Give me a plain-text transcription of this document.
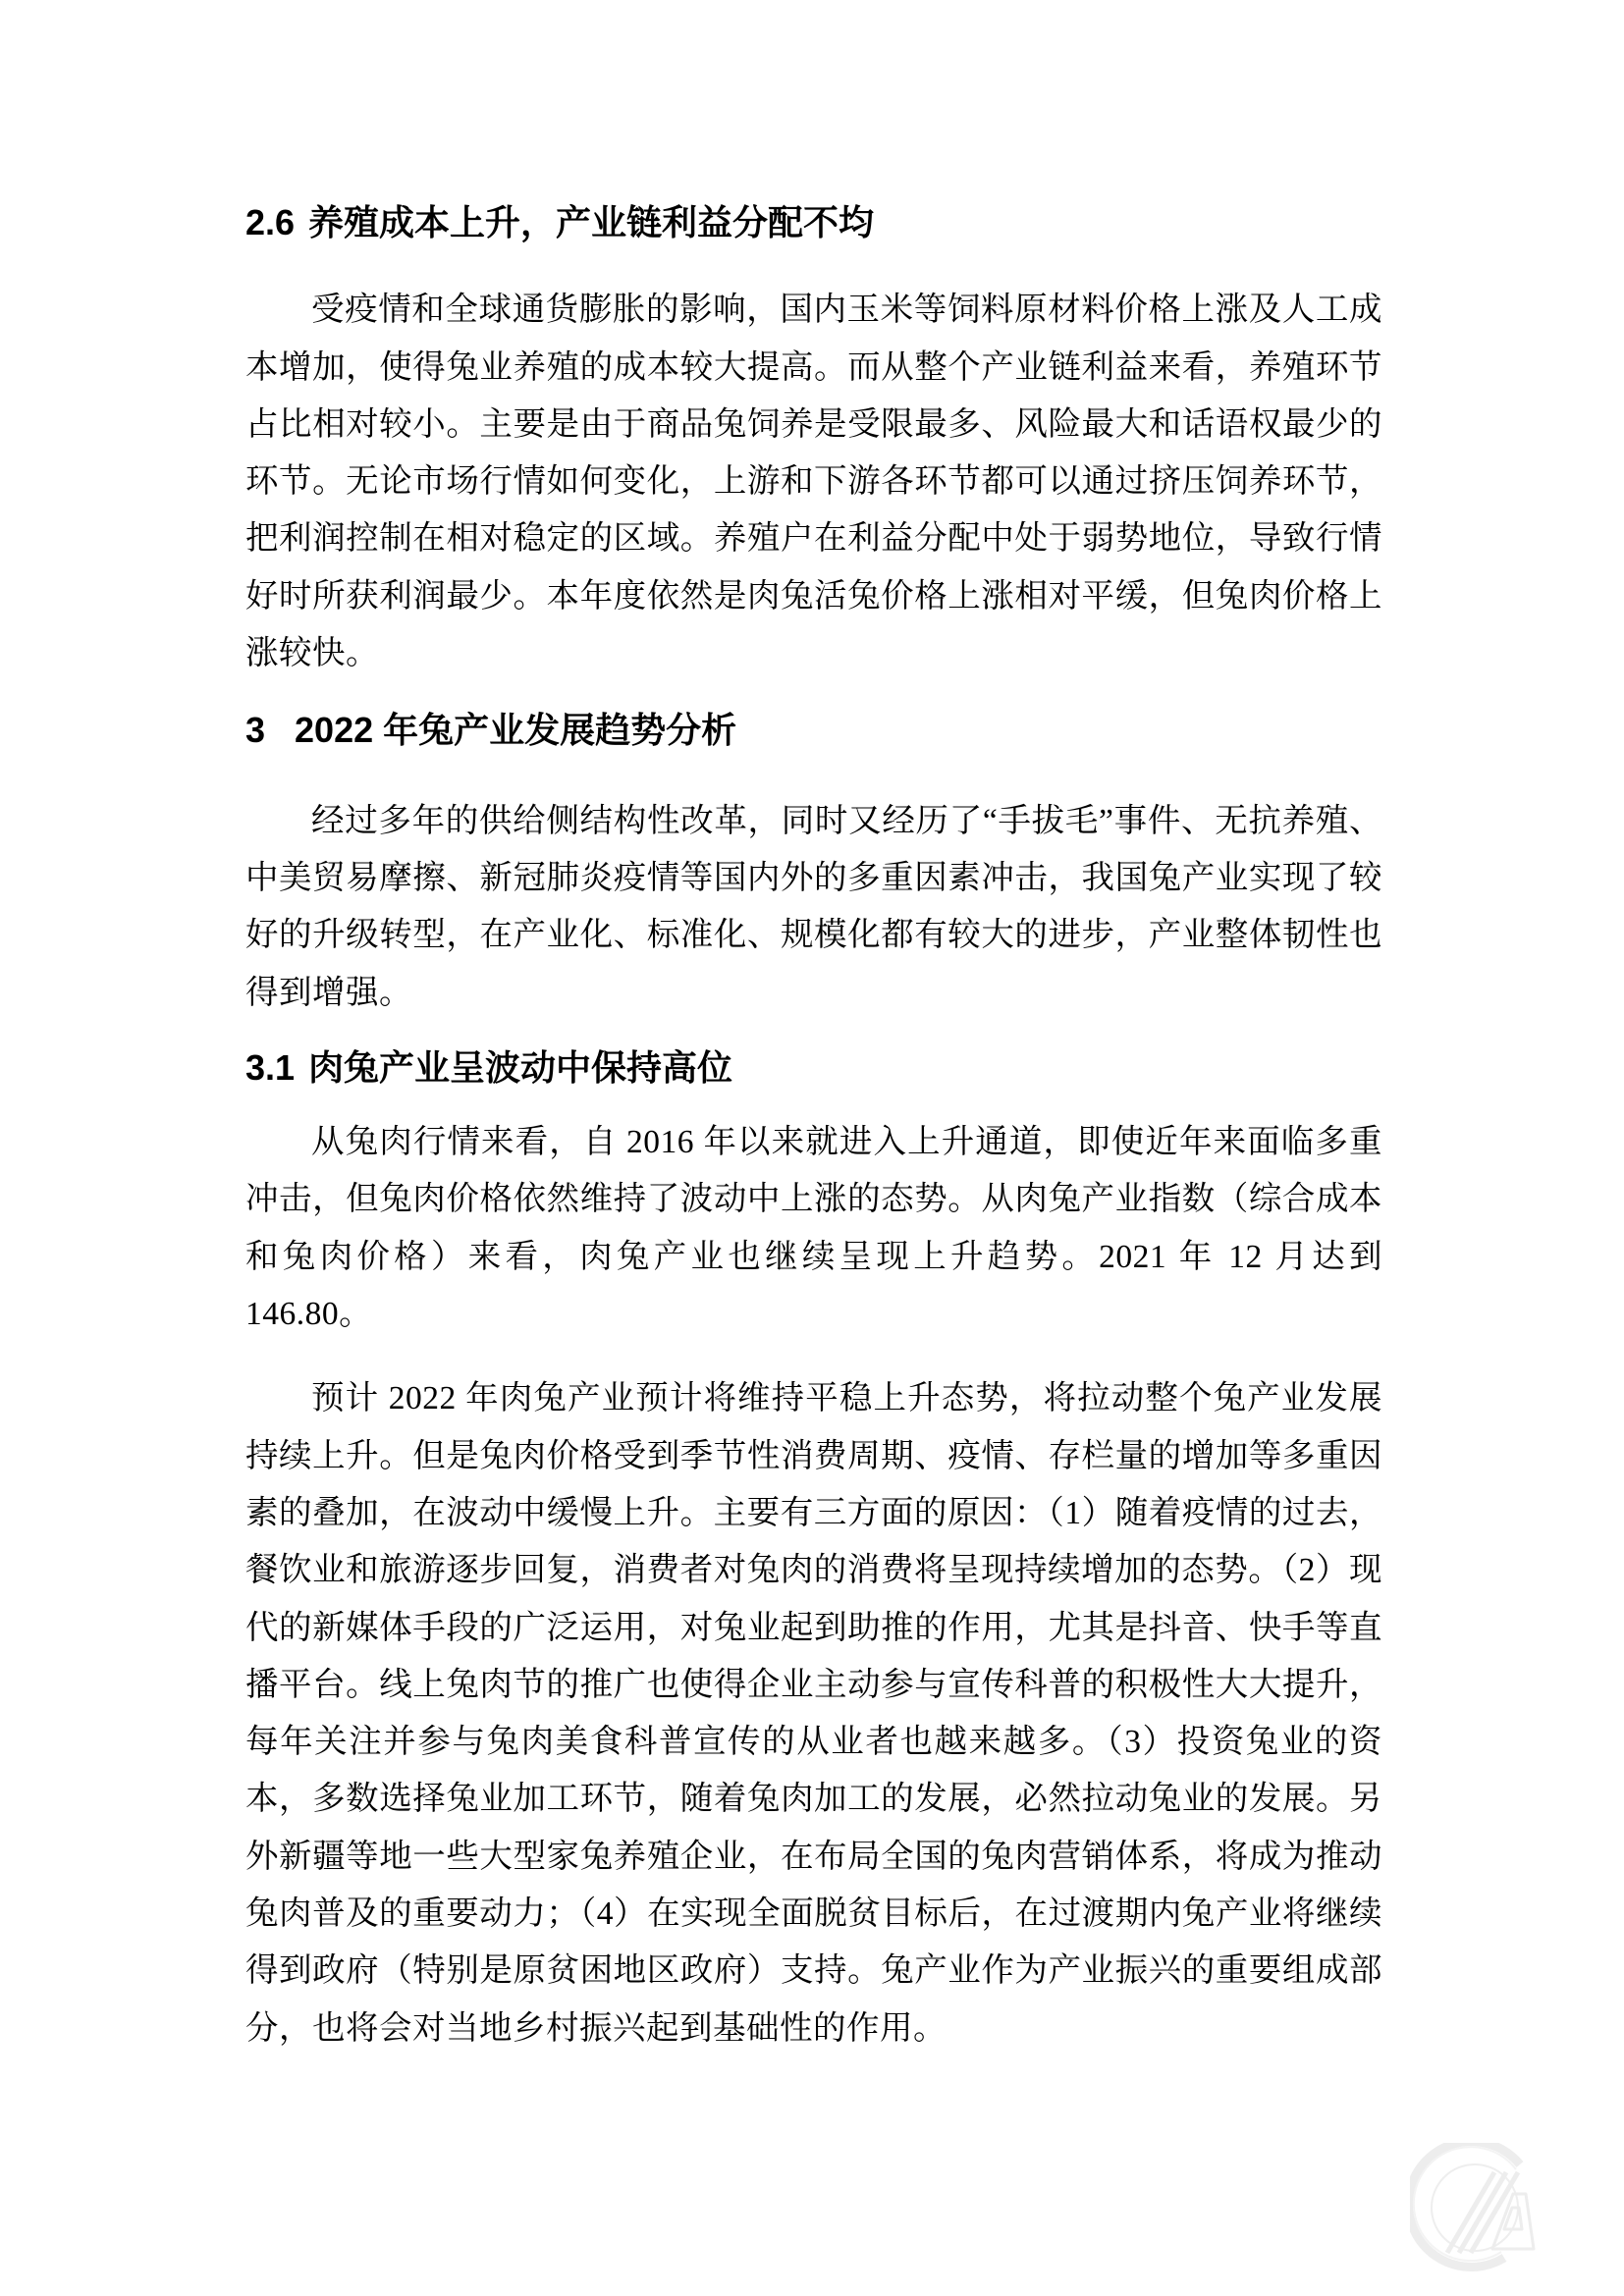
2.6 养殖成本上升，产业链利益分配不均

受疫情和全球通货膨胀的影响，国内玉米等饲料原材料价格上涨及人工成本增加，使得兔业养殖的成本较大提高。而从整个产业链利益来看，养殖环节占比相对较小。主要是由于商品兔饲养是受限最多、风险最大和话语权最少的环节。无论市场行情如何变化，上游和下游各环节都可以通过挤压饲养环节，把利润控制在相对稳定的区域。养殖户在利益分配中处于弱势地位，导致行情好时所获利润最少。本年度依然是肉兔活兔价格上涨相对平缓，但兔肉价格上涨较快。

3 2022 年兔产业发展趋势分析

经过多年的供给侧结构性改革，同时又经历了“手拔毛”事件、无抗养殖、中美贸易摩擦、新冠肺炎疫情等国内外的多重因素冲击，我国兔产业实现了较好的升级转型，在产业化、标准化、规模化都有较大的进步，产业整体韧性也得到增强。

3.1 肉兔产业呈波动中保持高位

从兔肉行情来看，自 2016 年以来就进入上升通道，即使近年来面临多重冲击，但兔肉价格依然维持了波动中上涨的态势。从肉兔产业指数（综合成本和兔肉价格）来看，肉兔产业也继续呈现上升趋势。2021 年 12 月达到 146.80。

预计 2022 年肉兔产业预计将维持平稳上升态势，将拉动整个兔产业发展持续上升。但是兔肉价格受到季节性消费周期、疫情、存栏量的增加等多重因素的叠加，在波动中缓慢上升。主要有三方面的原因：（1）随着疫情的过去，餐饮业和旅游逐步回复，消费者对兔肉的消费将呈现持续增加的态势。（2）现代的新媒体手段的广泛运用，对兔业起到助推的作用，尤其是抖音、快手等直播平台。线上兔肉节的推广也使得企业主动参与宣传科普的积极性大大提升，每年关注并参与兔肉美食科普宣传的从业者也越来越多。（3）投资兔业的资本，多数选择兔业加工环节，随着兔肉加工的发展，必然拉动兔业的发展。另外新疆等地一些大型家兔养殖企业，在布局全国的兔肉营销体系，将成为推动兔肉普及的重要动力；（4）在实现全面脱贫目标后，在过渡期内兔产业将继续得到政府（特别是原贫困地区政府）支持。兔产业作为产业振兴的重要组成部分，也将会对当地乡村振兴起到基础性的作用。
